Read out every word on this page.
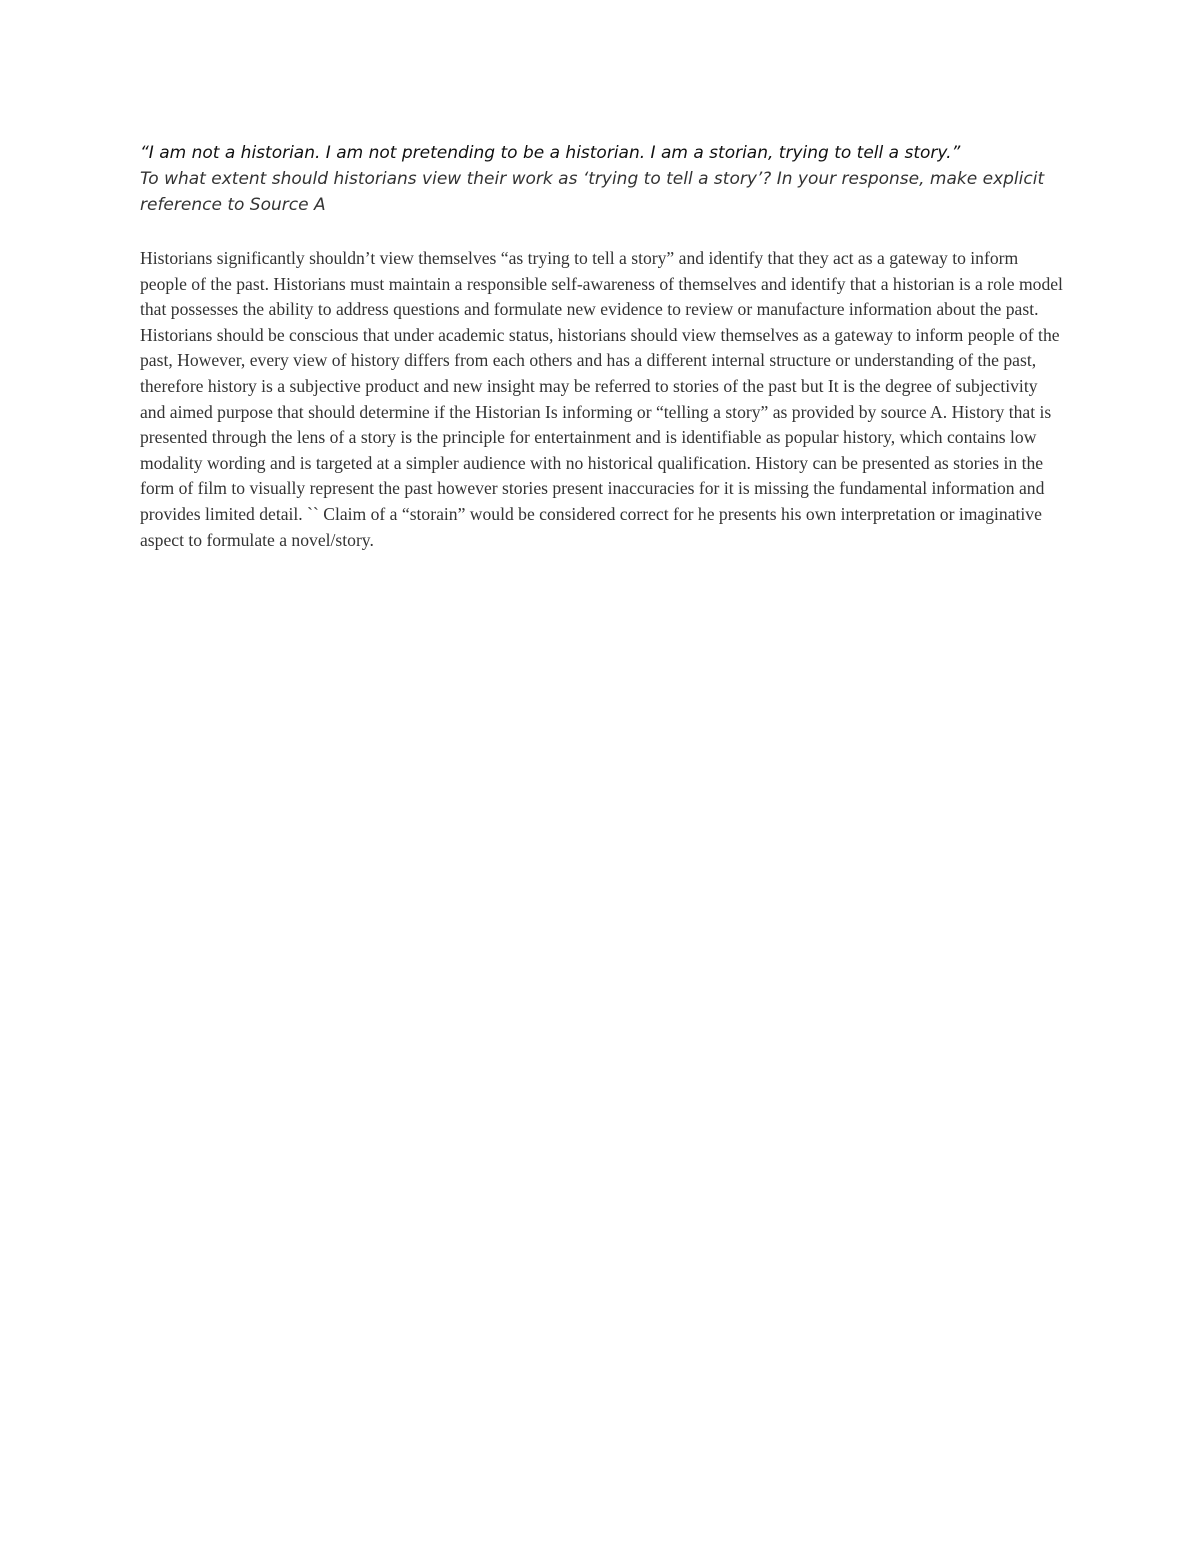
“I am not a historian. I am not pretending to be a historian. I am a storian, trying to tell a story.”

To what extent should historians view their work as ‘trying to tell a story’? In your response, make explicit reference to Source A

Historians significantly shouldn’t view themselves “as trying to tell a story” and identify that they act as a gateway to inform people of the past. Historians must maintain a responsible self-awareness of themselves and identify that a historian is a role model that possesses the ability to address questions and formulate new evidence to review or manufacture information about the past. Historians should be conscious that under academic status, historians should view themselves as a gateway to inform people of the past, However, every view of history differs from each others and has a different internal structure or understanding of the past, therefore history is a subjective product and new insight may be referred to stories of the past but It is the degree of subjectivity and aimed purpose that should determine if the Historian Is informing or “telling a story” as provided by source A. History that is presented through the lens of a story is the principle for entertainment and is identifiable as popular history, which contains low modality wording and is targeted at a simpler audience with no historical qualification. History can be presented as stories in the form of film to visually represent the past however stories present inaccuracies for it is missing the fundamental information and provides limited detail. `` Claim of a “storain” would be considered correct for he presents his own interpretation or imaginative aspect to formulate a novel/story.
